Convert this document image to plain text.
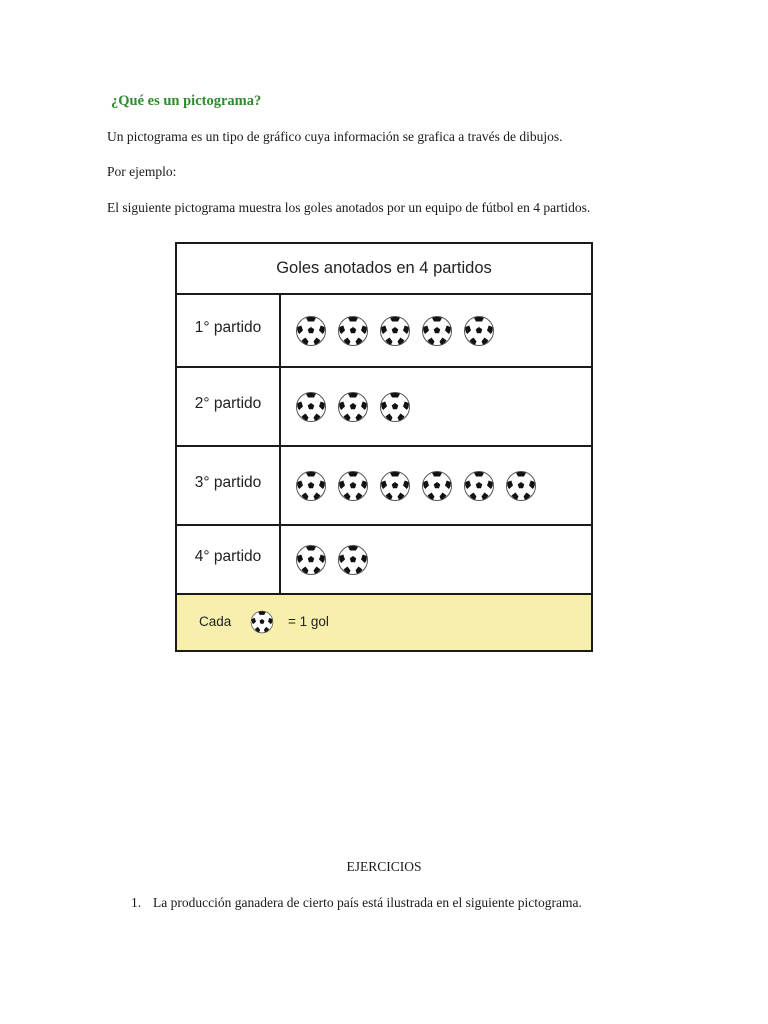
¿Qué es un pictograma?
Un pictograma es un tipo de gráfico cuya información se grafica a través de dibujos.
Por ejemplo:
El siguiente pictograma muestra los goles anotados por un equipo de fútbol en 4 partidos.
Goles anotados en 4 partidos
1° partido
2° partido
3° partido
4° partido
Cada	= 1 gol
EJERCICIOS
1. La producción ganadera de cierto país está ilustrada en el siguiente pictograma.
